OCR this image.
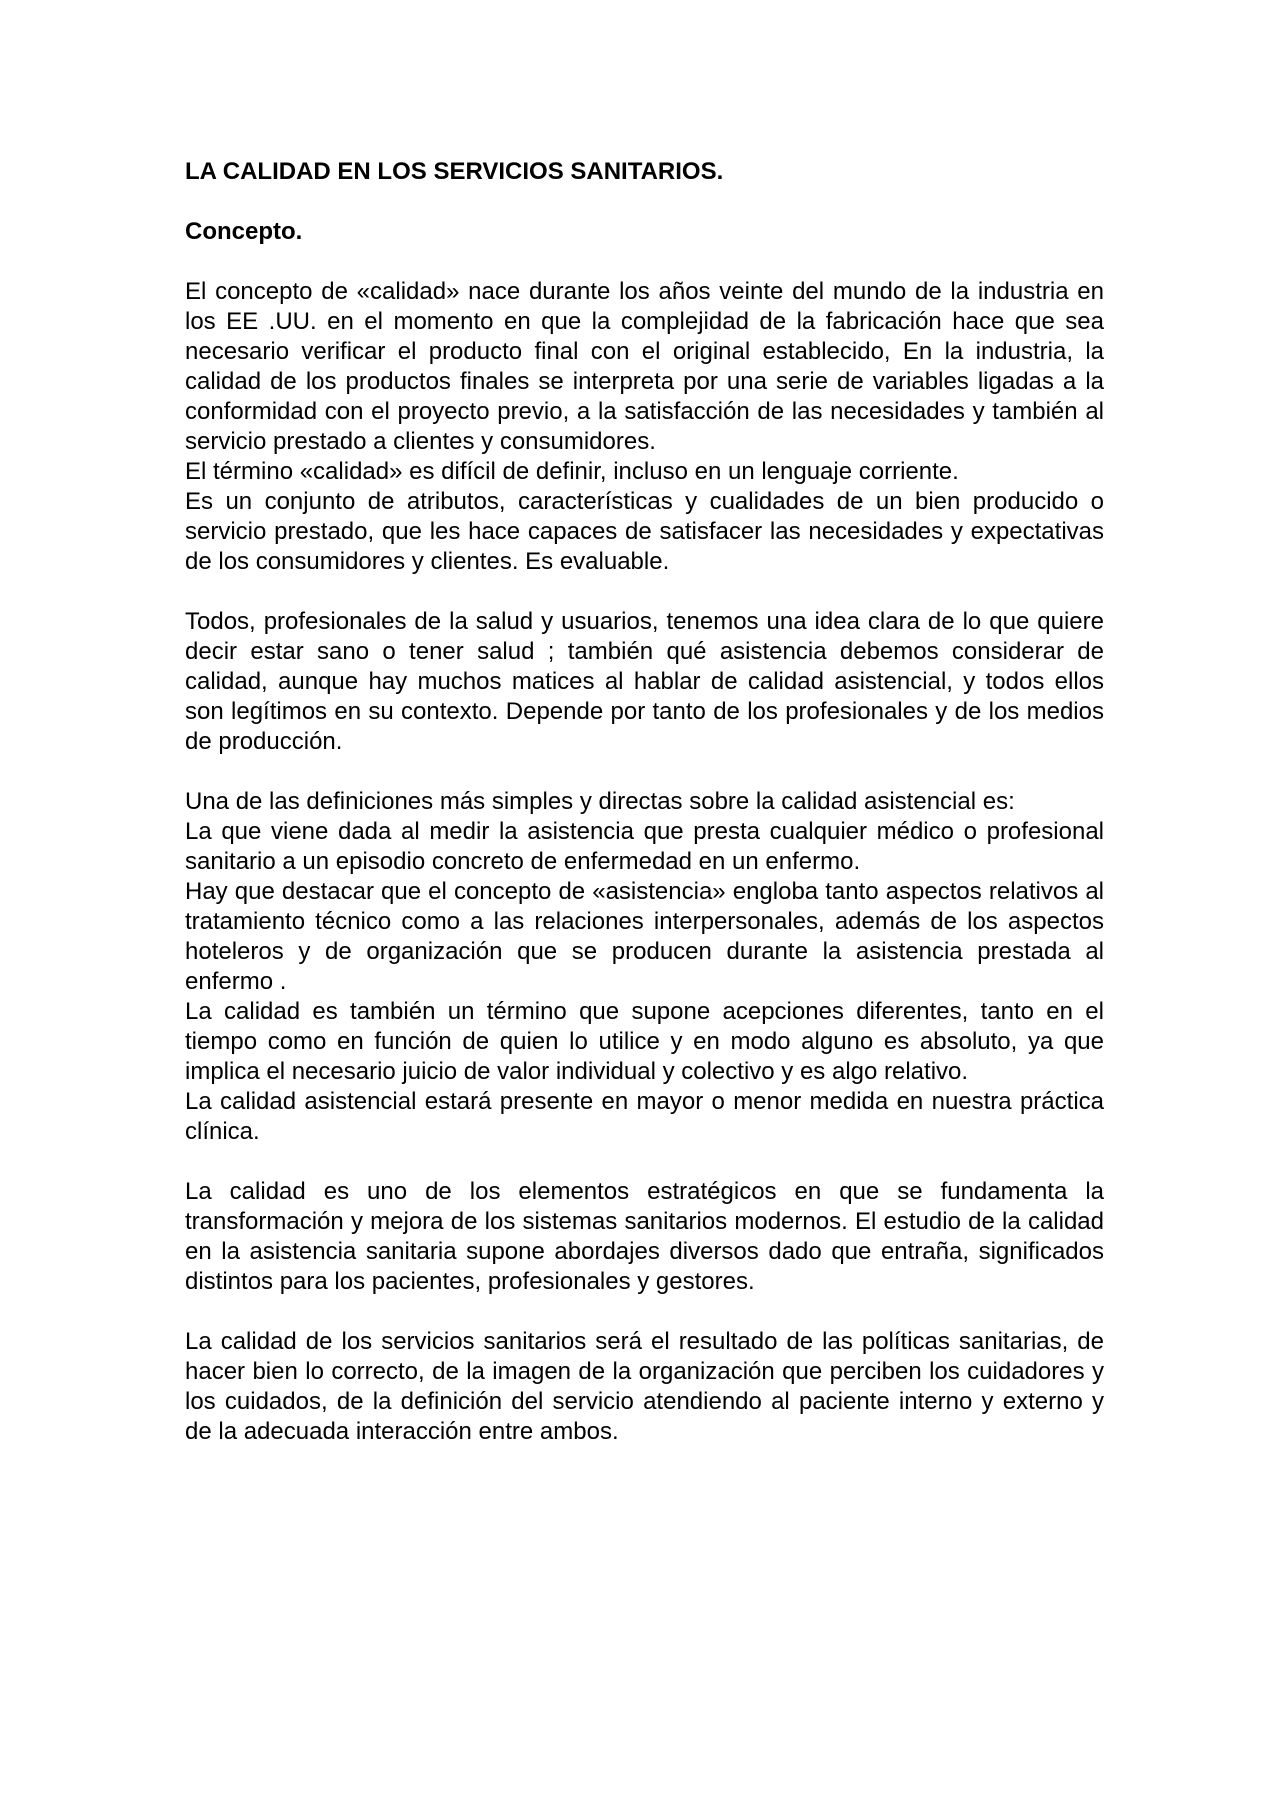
LA CALIDAD EN LOS SERVICIOS SANITARIOS.
Concepto.

El concepto de «calidad» nace durante los años veinte del mundo de la industria en los EE .UU. en el momento en que la complejidad de la fabricación hace que sea necesario verificar el producto final con el original establecido, En la industria, la calidad de los productos finales se interpreta por una serie de variables ligadas a la conformidad con el proyecto previo, a la satisfacción de las necesidades y también al servicio prestado a clientes y consumidores.

El término «calidad» es difícil de definir, incluso en un lenguaje corriente.

Es un conjunto de atributos, características y cualidades de un bien producido o servicio prestado, que les hace capaces de satisfacer las necesidades y expectativas de los consumidores y clientes. Es evaluable.

Todos, profesionales de la salud y usuarios, tenemos una idea clara de lo que quiere decir estar sano o tener salud ; también qué asistencia debemos considerar de calidad, aunque hay muchos matices al hablar de calidad asistencial, y todos ellos son legítimos en su contexto. Depende por tanto de los profesionales y de los medios de producción.

Una de las definiciones más simples y directas sobre la calidad asistencial es:

La que viene dada al medir la asistencia que presta cualquier médico o profesional sanitario a un episodio concreto de enfermedad en un enfermo.

Hay que destacar que el concepto de «asistencia» engloba tanto aspectos relativos al tratamiento técnico como a las relaciones interpersonales, además de los aspectos hoteleros y de organización que se producen durante la asistencia prestada al enfermo .

La calidad es también un término que supone acepciones diferentes, tanto en el tiempo como en función de quien lo utilice y en modo alguno es absoluto, ya que implica el necesario juicio de valor individual y colectivo y es algo relativo.

La calidad asistencial estará presente en mayor o menor medida en nuestra práctica clínica.

La calidad es uno de los elementos estratégicos en que se fundamenta la transformación y mejora de los sistemas sanitarios modernos. El estudio de la calidad en la asistencia sanitaria supone abordajes diversos dado que entraña, significados distintos para los pacientes, profesionales y gestores.

La calidad de los servicios sanitarios será el resultado de las políticas sanitarias, de hacer bien lo correcto, de la imagen de la organización que perciben los cuidadores y los cuidados, de la definición del servicio atendiendo al paciente interno y externo y de la adecuada interacción entre ambos.
